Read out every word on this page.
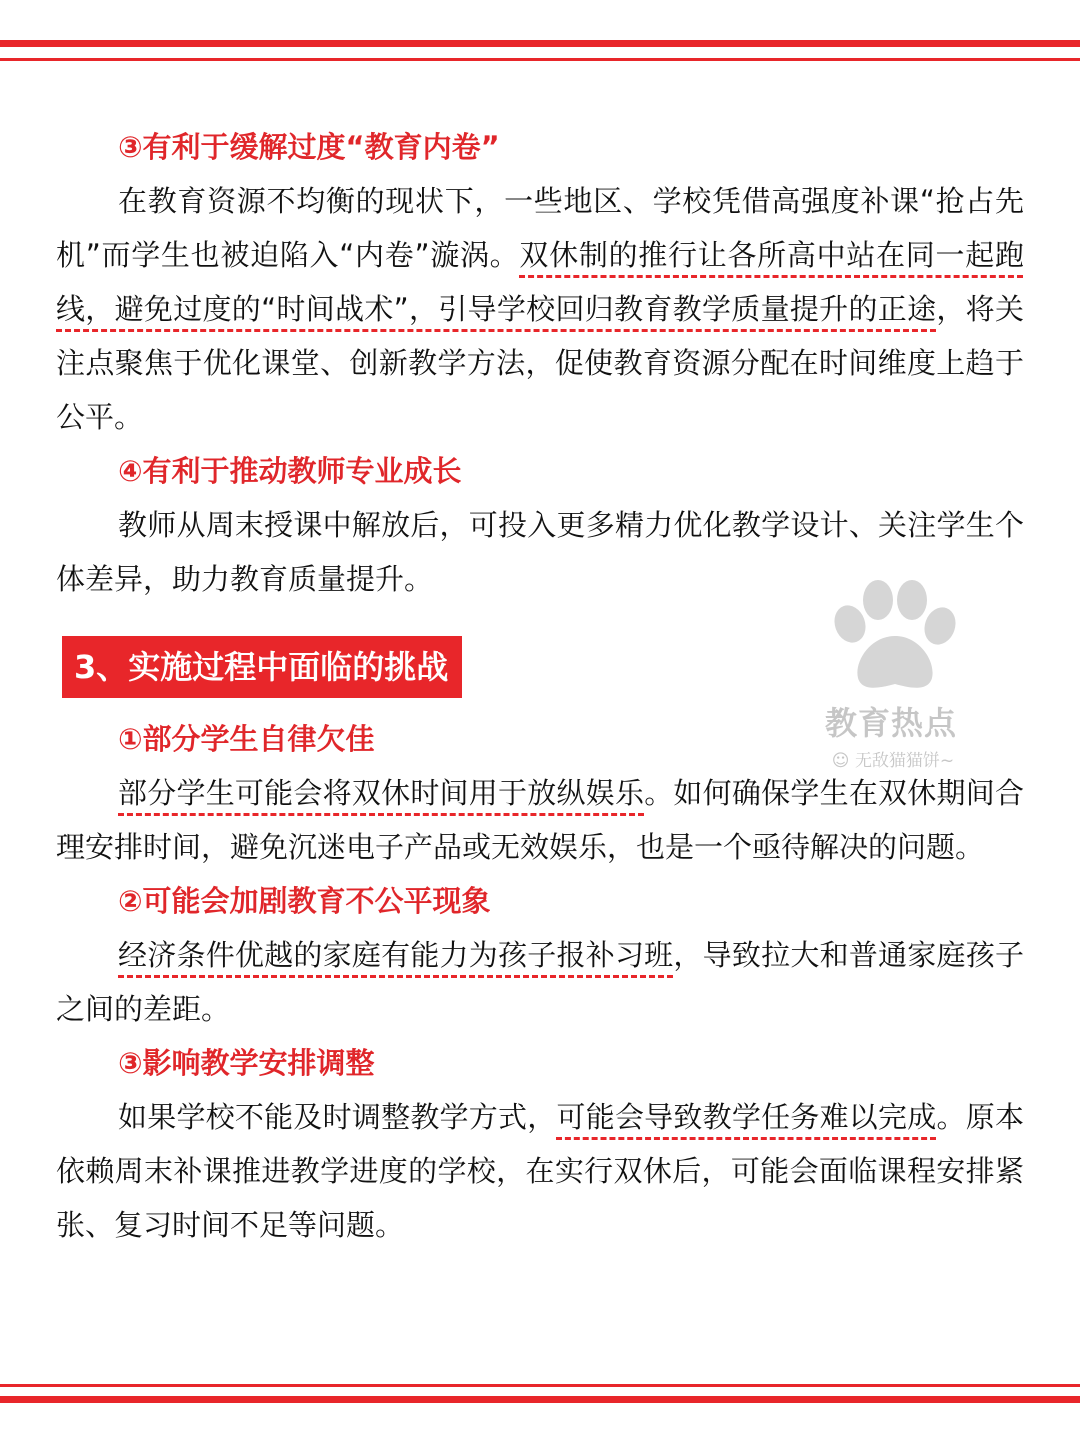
③有利于缓解过度“教育内卷”

在教育资源不均衡的现状下，一些地区、学校凭借高强度补课“抢占先机”而学生也被迫陷入“内卷”漩涡。双休制的推行让各所高中站在同一起跑线，避免过度的“时间战术”，引导学校回归教育教学质量提升的正途，将关注点聚焦于优化课堂、创新教学方法，促使教育资源分配在时间维度上趋于公平。

④有利于推动教师专业成长

教师从周末授课中解放后，可投入更多精力优化教学设计、关注学生个体差异，助力教育质量提升。

3、实施过程中面临的挑战

①部分学生自律欠佳

部分学生可能会将双休时间用于放纵娱乐。如何确保学生在双休期间合理安排时间，避免沉迷电子产品或无效娱乐，也是一个亟待解决的问题。

②可能会加剧教育不公平现象

经济条件优越的家庭有能力为孩子报补习班，导致拉大和普通家庭孩子之间的差距。

③影响教学安排调整

如果学校不能及时调整教学方式，可能会导致教学任务难以完成。原本依赖周末补课推进教学进度的学校，在实行双休后，可能会面临课程安排紧张、复习时间不足等问题。

教育热点
☺ 无敌猫猫饼~
